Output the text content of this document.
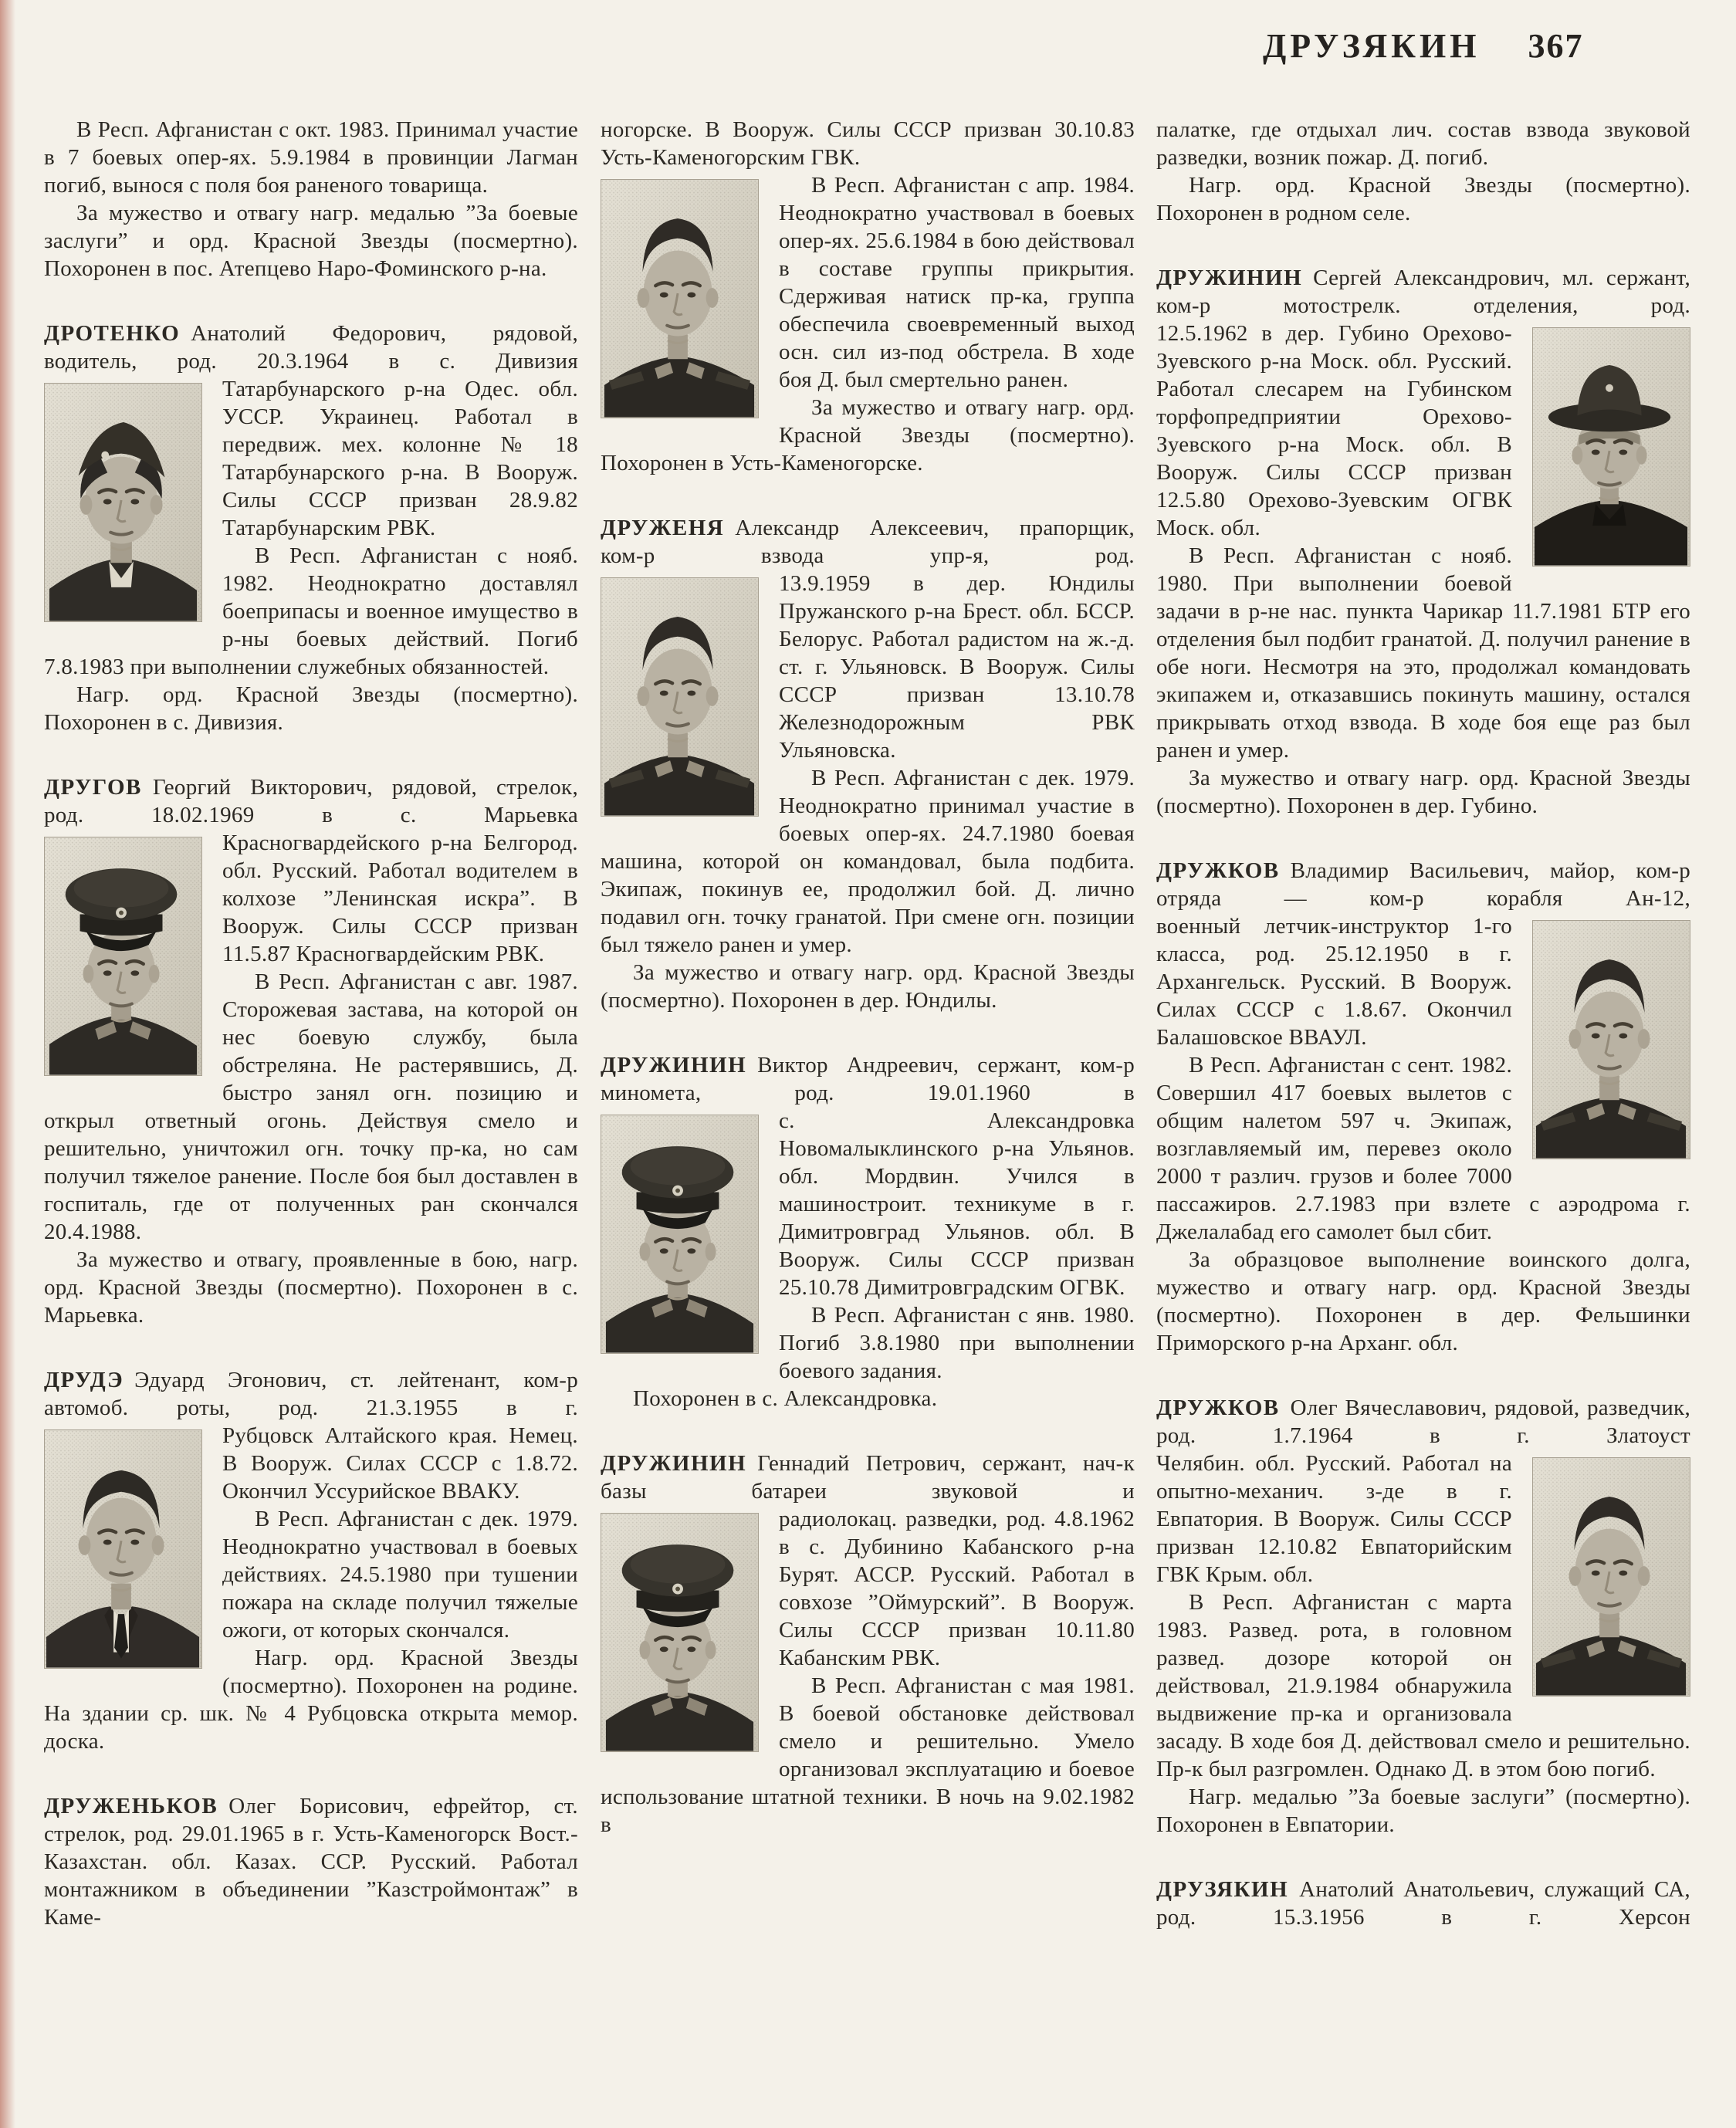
ДРУЗЯКИН 367

В Респ. Афганистан с окт. 1983. Принимал участие в 7 боевых опер-ях. 5.9.1984 в провинции Лагман погиб, вынося с поля боя раненого товарища.

За мужество и отвагу нагр. медалью ”За боевые заслуги” и орд. Красной Звезды (посмертно). Похоронен в пос. Атепцево Наро-Фоминского р-на.

ДРОТЕНКО Анатолий Федорович, рядовой, водитель, род. 20.3.1964 в с. Дивизия

Татарбунарского р-на Одес. обл. УССР. Украинец. Работал в передвиж. мех. колонне № 18 Татарбунарского р-на. В Вооруж. Силы СССР призван 28.9.82 Татарбунарским РВК.

В Респ. Афганистан с нояб. 1982. Неоднократно доставлял боеприпасы и военное имущество в р-ны боевых действий. Погиб 7.8.1983 при выполнении служебных обязанностей.

Нагр. орд. Красной Звезды (посмертно). Похоронен в с. Дивизия.

ДРУГОВ Георгий Викторович, рядовой, стрелок, род. 18.02.1969 в с. Марьевка

Красногвардейского р-на Белгород. обл. Русский. Работал водителем в колхозе ”Ленинская искра”. В Вооруж. Силы СССР призван 11.5.87 Красногвардейским РВК.

В Респ. Афганистан с авг. 1987. Сторожевая застава, на которой он нес боевую службу, была обстреляна. Не растерявшись, Д. быстро занял огн. позицию и открыл ответный огонь. Действуя смело и решительно, уничтожил огн. точку пр-ка, но сам получил тяжелое ранение. После боя был доставлен в госпиталь, где от полученных ран скончался 20.4.1988.

За мужество и отвагу, проявленные в бою, нагр. орд. Красной Звезды (посмертно). Похоронен в с. Марьевка.

ДРУДЭ Эдуард Эгонович, ст. лейтенант, ком-р автомоб. роты, род. 21.3.1955 в г.

Рубцовск Алтайского края. Немец. В Вооруж. Силах СССР с 1.8.72. Окончил Уссурийское ВВАКУ.

В Респ. Афганистан с дек. 1979. Неоднократно участвовал в боевых действиях. 24.5.1980 при тушении пожара на складе получил тяжелые ожоги, от которых скончался.

Нагр. орд. Красной Звезды (посмертно). Похоронен на родине. На здании ср. шк. № 4 Рубцовска открыта мемор. доска.

ДРУЖЕНЬКОВ Олег Борисович, ефрейтор, ст. стрелок, род. 29.01.1965 в г. Усть-Каменогорск Вост.-Казахстан. обл. Казах. ССР. Русский. Работал монтажником в объединении ”Казстроймонтаж” в Каме-

ногорске. В Вооруж. Силы СССР призван 30.10.83 Усть-Каменогорским ГВК.

В Респ. Афганистан с апр. 1984. Неоднократно участвовал в боевых опер-ях. 25.6.1984 в бою действовал в составе группы прикрытия. Сдерживая натиск пр-ка, группа обеспечила своевременный выход осн. сил из-под обстрела. В ходе боя Д. был смертельно ранен.

За мужество и отвагу нагр. орд. Красной Звезды (посмертно). Похоронен в Усть-Каменогорске.

ДРУЖЕНЯ Александр Алексеевич, прапорщик, ком-р взвода упр-я, род.

13.9.1959 в дер. Юндилы Пружанского р-на Брест. обл. БССР. Белорус. Работал радистом на ж.-д. ст. г. Ульяновск. В Вооруж. Силы СССР призван 13.10.78 Железнодорожным РВК Ульяновска.

В Респ. Афганистан с дек. 1979. Неоднократно принимал участие в боевых опер-ях. 24.7.1980 боевая машина, которой он командовал, была подбита. Экипаж, покинув ее, продолжил бой. Д. лично подавил огн. точку гранатой. При смене огн. позиции был тяжело ранен и умер.

За мужество и отвагу нагр. орд. Красной Звезды (посмертно). Похоронен в дер. Юндилы.

ДРУЖИНИН Виктор Андреевич, сержант, ком-р миномета, род. 19.01.1960 в

с. Александровка Новомалыклинского р-на Ульянов. обл. Мордвин. Учился в машиностроит. техникуме в г. Димитровград Ульянов. обл. В Вооруж. Силы СССР призван 25.10.78 Димитровградским ОГВК.

В Респ. Афганистан с янв. 1980. Погиб 3.8.1980 при выполнении боевого задания.

Похоронен в с. Александровка.

ДРУЖИНИН Геннадий Петрович, сержант, нач-к базы батареи звуковой и

радиолокац. разведки, род. 4.8.1962 в с. Дубинино Кабанского р-на Бурят. АССР. Русский. Работал в совхозе ”Оймурский”. В Вооруж. Силы СССР призван 10.11.80 Кабанским РВК.

В Респ. Афганистан с мая 1981. В боевой обстановке действовал смело и решительно. Умело организовал эксплуатацию и боевое использование штатной техники. В ночь на 9.02.1982 в

палатке, где отдыхал лич. состав взвода звуковой разведки, возник пожар. Д. погиб.

Нагр. орд. Красной Звезды (посмертно). Похоронен в родном селе.

ДРУЖИНИН Сергей Александрович, мл. сержант, ком-р мотострелк. отделения, род.

12.5.1962 в дер. Губино Орехово-Зуевского р-на Моск. обл. Русский. Работал слесарем на Губинском торфопредприятии Орехово-Зуевского р-на Моск. обл. В Вооруж. Силы СССР призван 12.5.80 Орехово-Зуевским ОГВК Моск. обл.

В Респ. Афганистан с нояб. 1980. При выполнении боевой задачи в р-не нас. пункта Чарикар 11.7.1981 БТР его отделения был подбит гранатой. Д. получил ранение в обе ноги. Несмотря на это, продолжал командовать экипажем и, отказавшись покинуть машину, остался прикрывать отход взвода. В ходе боя еще раз был ранен и умер.

За мужество и отвагу нагр. орд. Красной Звезды (посмертно). Похоронен в дер. Губино.

ДРУЖКОВ Владимир Васильевич, майор, ком-р отряда — ком-р корабля Ан-12,

военный летчик-инструктор 1-го класса, род. 25.12.1950 в г. Архангельск. Русский. В Вооруж. Силах СССР с 1.8.67. Окончил Балашовское ВВАУЛ.

В Респ. Афганистан с сент. 1982. Совершил 417 боевых вылетов с общим налетом 597 ч. Экипаж, возглавляемый им, перевез около 2000 т различ. грузов и более 7000 пассажиров. 2.7.1983 при взлете с аэродрома г. Джелалабад его самолет был сбит.

За образцовое выполнение воинского долга, мужество и отвагу нагр. орд. Красной Звезды (посмертно). Похоронен в дер. Фельшинки Приморского р-на Арханг. обл.

ДРУЖКОВ Олег Вячеславович, рядовой, разведчик, род. 1.7.1964 в г. Златоуст

Челябин. обл. Русский. Работал на опытно-механич. з-де в г. Евпатория. В Вооруж. Силы СССР призван 12.10.82 Евпаторийским ГВК Крым. обл.

В Респ. Афганистан с марта 1983. Развед. рота, в головном развед. дозоре которой он действовал, 21.9.1984 обнаружила выдвижение пр-ка и организовала засаду. В ходе боя Д. действовал смело и решительно. Пр-к был разгромлен. Однако Д. в этом бою погиб.

Нагр. медалью ”За боевые заслуги” (посмертно). Похоронен в Евпатории.

ДРУЗЯКИН Анатолий Анатольевич, служащий СА, род. 15.3.1956 в г. Херсон
